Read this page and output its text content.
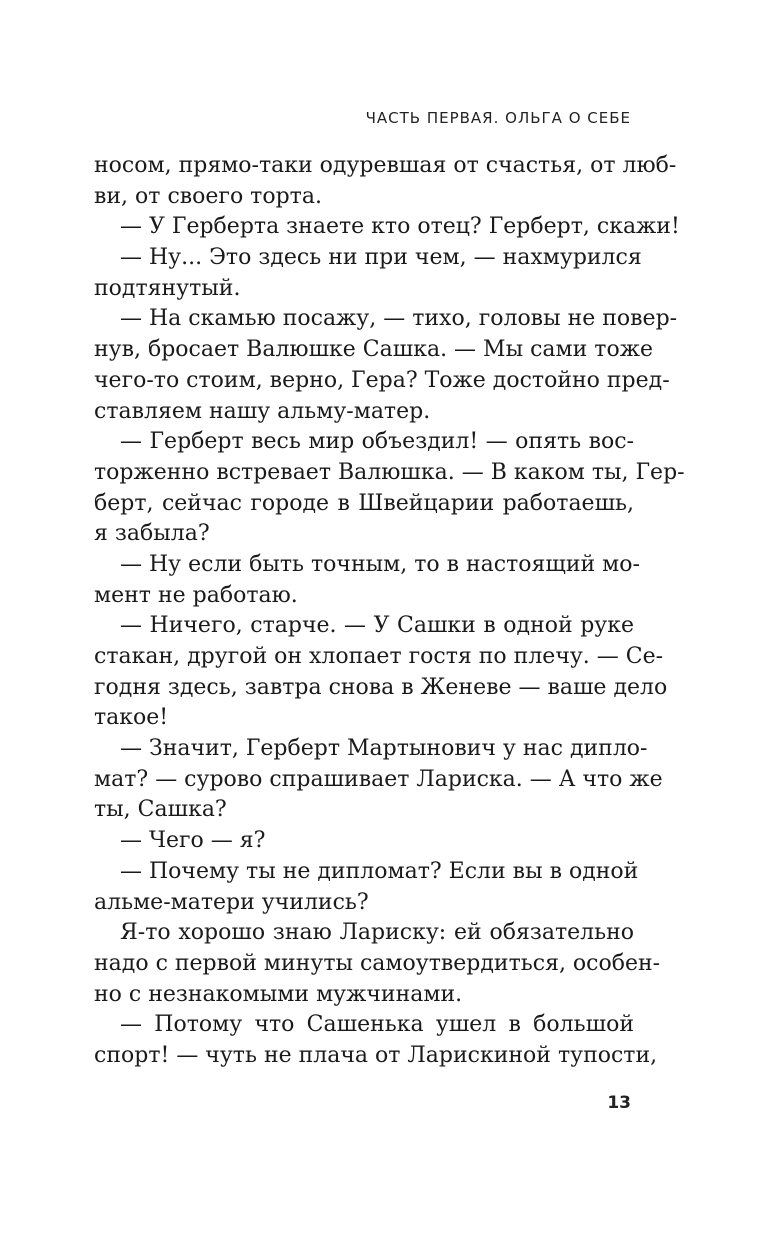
ЧАСТЬ ПЕРВАЯ. ОЛЬГА О СЕБЕ
носом, прямо-таки одуревшая от счастья, от люб-
ви, от своего торта.
— У Герберта знаете кто отец? Герберт, скажи!
— Ну... Это здесь ни при чем, — нахмурился
подтянутый.
— На скамью посажу, — тихо, головы не повер-
нув, бросает Валюшке Сашка. — Мы сами тоже
чего-то стоим, верно, Гера? Тоже достойно пред-
ставляем нашу альму-матер.
— Герберт весь мир объездил! — опять вос-
торженно встревает Валюшка. — В каком ты, Гер-
берт, сейчас городе в Швейцарии работаешь,
я забыла?
— Ну если быть точным, то в настоящий мо-
мент не работаю.
— Ничего, старче. — У Сашки в одной руке
стакан, другой он хлопает гостя по плечу. — Се-
годня здесь, завтра снова в Женеве — ваше дело
такое!
— Значит, Герберт Мартынович у нас дипло-
мат? — сурово спрашивает Лариска. — А что же
ты, Сашка?
— Чего — я?
— Почему ты не дипломат? Если вы в одной
альме-матери учились?
Я-то хорошо знаю Лариску: ей обязательно
надо с первой минуты самоутвердиться, особен-
но с незнакомыми мужчинами.
— Потому что Сашенька ушел в большой
спорт! — чуть не плача от Ларискиной тупости,
13
